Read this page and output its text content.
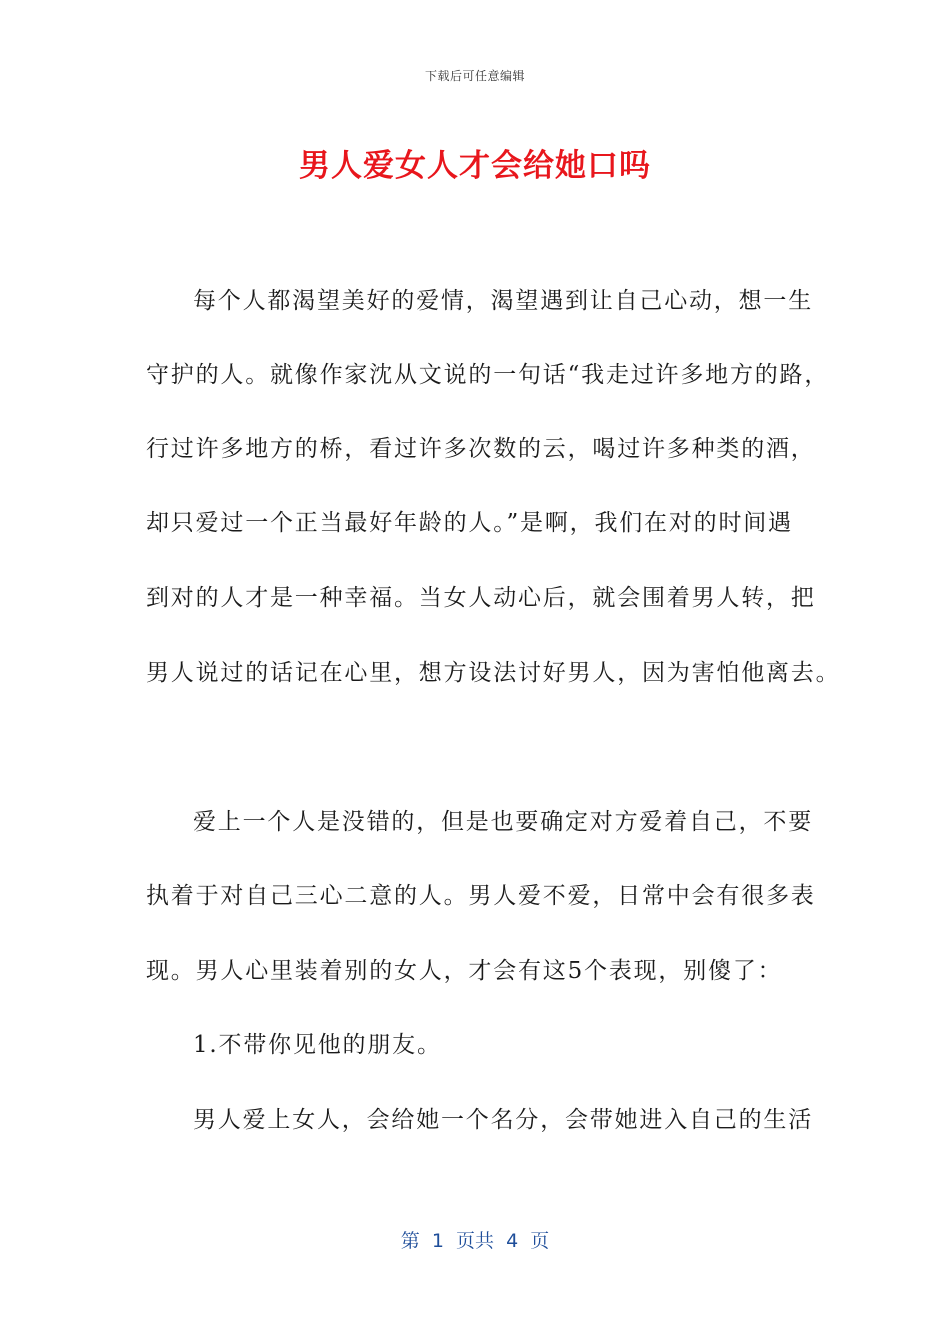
下载后可任意编辑
男人爱女人才会给她口吗
每个人都渴望美好的爱情，渴望遇到让自己心动，想一生
守护的人。就像作家沈从文说的一句话“我走过许多地方的路，
行过许多地方的桥，看过许多次数的云，喝过许多种类的酒，
却只爱过一个正当最好年龄的人。”是啊，我们在对的时间遇
到对的人才是一种幸福。当女人动心后，就会围着男人转，把
男人说过的话记在心里，想方设法讨好男人，因为害怕他离去。
爱上一个人是没错的，但是也要确定对方爱着自己，不要
执着于对自己三心二意的人。男人爱不爱，日常中会有很多表
现。男人心里装着别的女人，才会有这5个表现，别傻了：
1.不带你见他的朋友。
男人爱上女人，会给她一个名分，会带她进入自己的生活
第  1  页共  4  页
